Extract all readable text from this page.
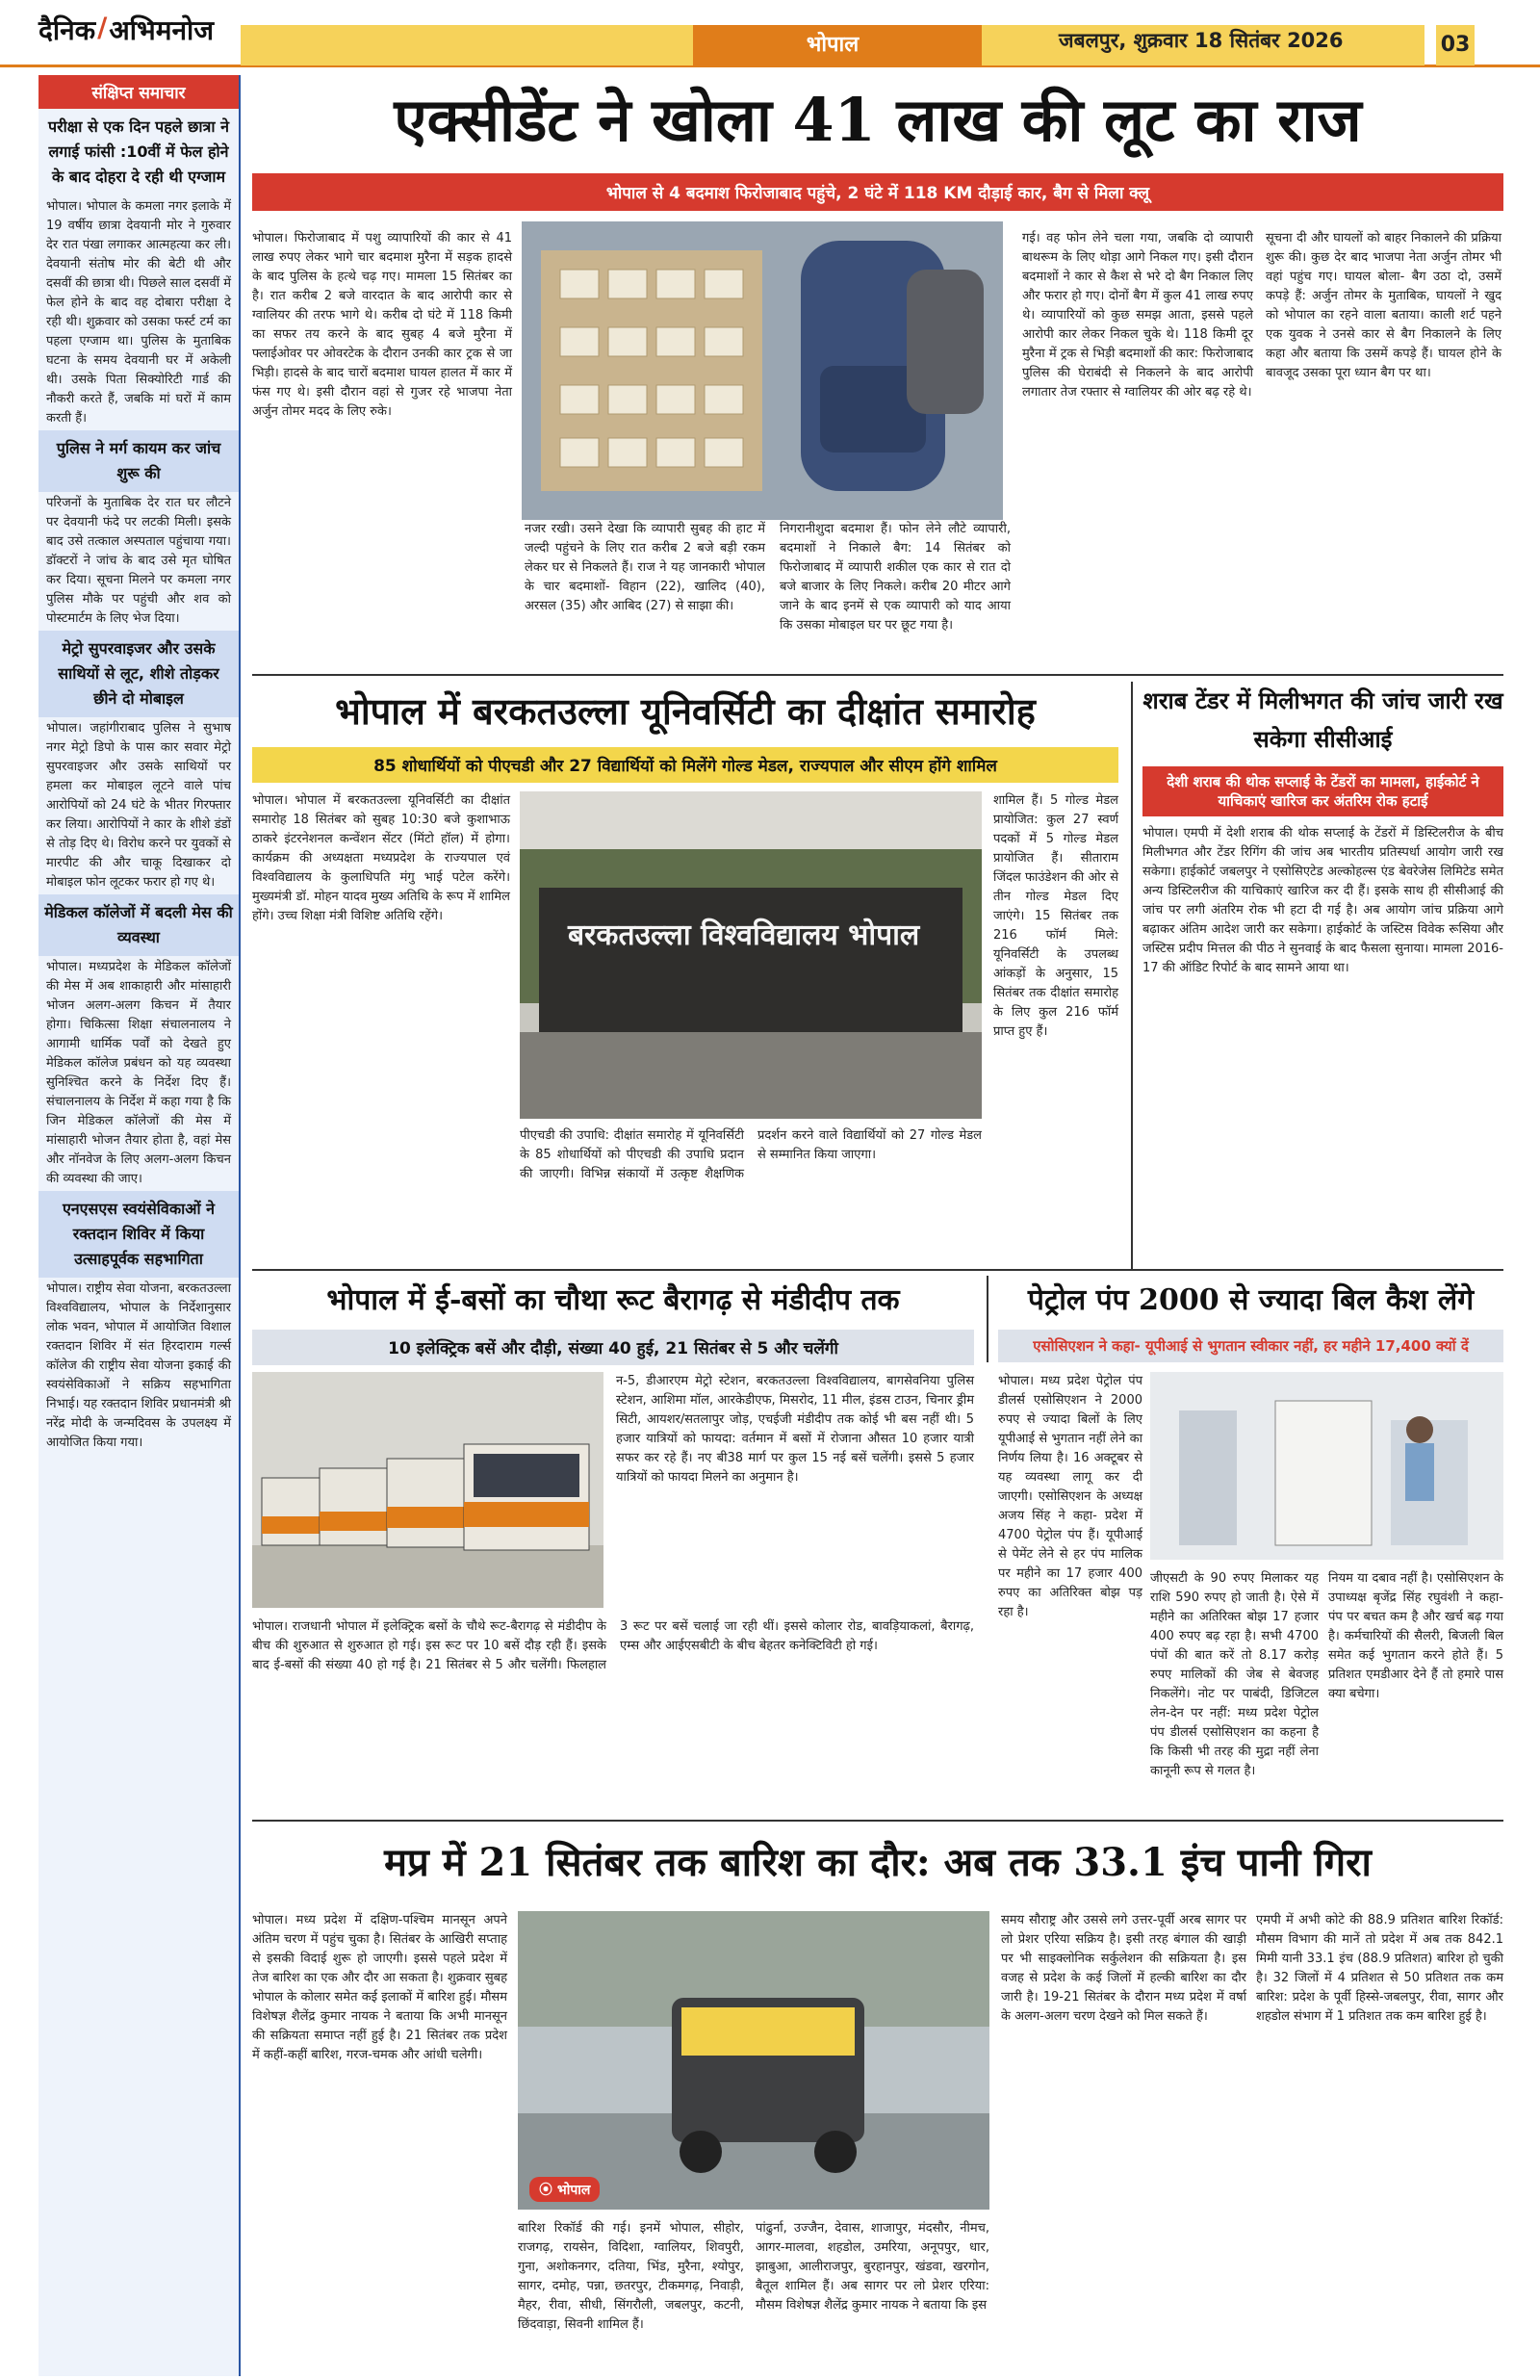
दैनिक / अभिमनोज	भोपाल	जबलपुर, शुक्रवार 18 सितंबर 2026	03
संक्षिप्त समाचार
परीक्षा से एक दिन पहले छात्रा ने लगाई फांसी :10वीं में फेल होने के बाद दोहरा दे रही थी एग्जाम
भोपाल। भोपाल के कमला नगर इलाके में 19 वर्षीय छात्रा देवयानी मोर ने गुरुवार देर रात पंखा लगाकर आत्महत्या कर ली। देवयानी संतोष मोर की बेटी थी और दसवीं की छात्रा थी। पिछले साल दसवीं में फेल होने के बाद वह दोबारा परीक्षा दे रही थी। शुक्रवार को उसका फर्स्ट टर्म का पहला एग्जाम था। पुलिस के मुताबिक घटना के समय देवयानी घर में अकेली थी। उसके पिता सिक्योरिटी गार्ड की नौकरी करते हैं, जबकि मां घरों में काम करती हैं।
पुलिस ने मर्ग कायम कर जांच शुरू की
परिजनों के मुताबिक देर रात घर लौटने पर देवयानी फंदे पर लटकी मिली। इसके बाद उसे तत्काल अस्पताल पहुंचाया गया। डॉक्टरों ने जांच के बाद उसे मृत घोषित कर दिया। सूचना मिलने पर कमला नगर पुलिस मौके पर पहुंची और शव को पोस्टमार्टम के लिए भेज दिया।
मेट्रो सुपरवाइजर और उसके साथियों से लूट, शीशे तोड़कर छीने दो मोबाइल
भोपाल। जहांगीराबाद पुलिस ने सुभाष नगर मेट्रो डिपो के पास कार सवार मेट्रो सुपरवाइजर और उसके साथियों पर हमला कर मोबाइल लूटने वाले पांच आरोपियों को 24 घंटे के भीतर गिरफ्तार कर लिया। आरोपियों ने कार के शीशे डंडों से तोड़ दिए थे। विरोध करने पर युवकों से मारपीट की और चाकू दिखाकर दो मोबाइल फोन लूटकर फरार हो गए थे।
मेडिकल कॉलेजों में बदली मेस की व्यवस्था
भोपाल। मध्यप्रदेश के मेडिकल कॉलेजों की मेस में अब शाकाहारी और मांसाहारी भोजन अलग-अलग किचन में तैयार होगा। चिकित्सा शिक्षा संचालनालय ने आगामी धार्मिक पर्वों को देखते हुए मेडिकल कॉलेज प्रबंधन को यह व्यवस्था सुनिश्चित करने के निर्देश दिए हैं। संचालनालय के निर्देश में कहा गया है कि जिन मेडिकल कॉलेजों की मेस में मांसाहारी भोजन तैयार होता है, वहां मेस और नॉनवेज के लिए अलग-अलग किचन की व्यवस्था की जाए।
एनएसएस स्वयंसेविकाओं ने रक्तदान शिविर में किया उत्साहपूर्वक सहभागिता
भोपाल। राष्ट्रीय सेवा योजना, बरकतउल्ला विश्वविद्यालय, भोपाल के निर्देशानुसार लोक भवन, भोपाल में आयोजित विशाल रक्तदान शिविर में संत हिरदाराम गर्ल्स कॉलेज की राष्ट्रीय सेवा योजना इकाई की स्वयंसेविकाओं ने सक्रिय सहभागिता निभाई। यह रक्तदान शिविर प्रधानमंत्री श्री नरेंद्र मोदी के जन्मदिवस के उपलक्ष्य में आयोजित किया गया।
एक्सीडेंट ने खोला 41 लाख की लूट का राज
भोपाल से 4 बदमाश फिरोजाबाद पहुंचे, 2 घंटे में 118 KM दौड़ाई कार, बैग से मिला क्लू
भोपाल। फिरोजाबाद में पशु व्यापारियों की कार से 41 लाख रुपए लेकर भागे चार बदमाश मुरैना में सड़क हादसे के बाद पुलिस के हत्थे चढ़ गए। मामला 15 सितंबर का है। रात करीब 2 बजे वारदात के बाद आरोपी कार से ग्वालियर की तरफ भागे थे। करीब दो घंटे में 118 किमी का सफर तय करने के बाद सुबह 4 बजे मुरैना में फ्लाईओवर पर ओवरटेक के दौरान उनकी कार ट्रक से जा भिड़ी। हादसे के बाद चारों बदमाश घायल हालत में कार में फंस गए थे। इसी दौरान वहां से गुजर रहे भाजपा नेता अर्जुन तोमर मदद के लिए रुके।
नजर रखी। उसने देखा कि व्यापारी सुबह की हाट में जल्दी पहुंचने के लिए रात करीब 2 बजे बड़ी रकम लेकर घर से निकलते हैं। राज ने यह जानकारी भोपाल के चार बदमाशों- विहान (22), खालिद (40), अरसल (35) और आबिद (27) से साझा की।
निगरानीशुदा बदमाश हैं। फोन लेने लौटे व्यापारी, बदमाशों ने निकाले बैग: 14 सितंबर को फिरोजाबाद में व्यापारी शकील एक कार से रात दो बजे बाजार के लिए निकले। करीब 20 मीटर आगे जाने के बाद इनमें से एक व्यापारी को याद आया कि उसका मोबाइल घर पर छूट गया है।
गई। वह फोन लेने चला गया, जबकि दो व्यापारी बाथरूम के लिए थोड़ा आगे निकल गए। इसी दौरान बदमाशों ने कार से कैश से भरे दो बैग निकाल लिए और फरार हो गए। दोनों बैग में कुल 41 लाख रुपए थे। व्यापारियों को कुछ समझ आता, इससे पहले आरोपी कार लेकर निकल चुके थे। 118 किमी दूर मुरैना में ट्रक से भिड़ी बदमाशों की कार: फिरोजाबाद पुलिस की घेराबंदी से निकलने के बाद आरोपी लगातार तेज रफ्तार से ग्वालियर की ओर बढ़ रहे थे।
सूचना दी और घायलों को बाहर निकालने की प्रक्रिया शुरू की। कुछ देर बाद भाजपा नेता अर्जुन तोमर भी वहां पहुंच गए। घायल बोला- बैग उठा दो, उसमें कपड़े हैं: अर्जुन तोमर के मुताबिक, घायलों ने खुद को भोपाल का रहने वाला बताया। काली शर्ट पहने एक युवक ने उनसे कार से बैग निकालने के लिए कहा और बताया कि उसमें कपड़े हैं। घायल होने के बावजूद उसका पूरा ध्यान बैग पर था।
भोपाल में बरकतउल्ला यूनिवर्सिटी का दीक्षांत समारोह
85 शोधार्थियों को पीएचडी और 27 विद्यार्थियों को मिलेंगे गोल्ड मेडल, राज्यपाल और सीएम होंगे शामिल
बरकतउल्ला विश्वविद्यालय भोपाल
भोपाल। भोपाल में बरकतउल्ला यूनिवर्सिटी का दीक्षांत समारोह 18 सितंबर को सुबह 10:30 बजे कुशाभाऊ ठाकरे इंटरनेशनल कन्वेंशन सेंटर (मिंटो हॉल) में होगा। कार्यक्रम की अध्यक्षता मध्यप्रदेश के राज्यपाल एवं विश्वविद्यालय के कुलाधिपति मंगु भाई पटेल करेंगे। मुख्यमंत्री डॉ. मोहन यादव मुख्य अतिथि के रूप में शामिल होंगे। उच्च शिक्षा मंत्री विशिष्ट अतिथि रहेंगे।
पीएचडी की उपाधि: दीक्षांत समारोह में यूनिवर्सिटी के 85 शोधार्थियों को पीएचडी की उपाधि प्रदान की जाएगी। विभिन्न संकायों में उत्कृष्ट शैक्षणिक प्रदर्शन करने वाले विद्यार्थियों को 27 गोल्ड मेडल से सम्मानित किया जाएगा।
शामिल हैं। 5 गोल्ड मेडल प्रायोजित: कुल 27 स्वर्ण पदकों में 5 गोल्ड मेडल प्रायोजित हैं। सीताराम जिंदल फाउंडेशन की ओर से तीन गोल्ड मेडल दिए जाएंगे। 15 सितंबर तक 216 फॉर्म मिले: यूनिवर्सिटी के उपलब्ध आंकड़ों के अनुसार, 15 सितंबर तक दीक्षांत समारोह के लिए कुल 216 फॉर्म प्राप्त हुए हैं।
शराब टेंडर में मिलीभगत की जांच जारी रख सकेगा सीसीआई
देशी शराब की थोक सप्लाई के टेंडरों का मामला, हाईकोर्ट ने याचिकाएं खारिज कर अंतरिम रोक हटाई
भोपाल। एमपी में देशी शराब की थोक सप्लाई के टेंडरों में डिस्टिलरीज के बीच मिलीभगत और टेंडर रिगिंग की जांच अब भारतीय प्रतिस्पर्धा आयोग जारी रख सकेगा। हाईकोर्ट जबलपुर ने एसोसिएटेड अल्कोहल्स एंड बेवरेजेस लिमिटेड समेत अन्य डिस्टिलरीज की याचिकाएं खारिज कर दी हैं। इसके साथ ही सीसीआई की जांच पर लगी अंतरिम रोक भी हटा दी गई है। अब आयोग जांच प्रक्रिया आगे बढ़ाकर अंतिम आदेश जारी कर सकेगा। हाईकोर्ट के जस्टिस विवेक रूसिया और जस्टिस प्रदीप मित्तल की पीठ ने सुनवाई के बाद फैसला सुनाया। मामला 2016-17 की ऑडिट रिपोर्ट के बाद सामने आया था।
भोपाल में ई-बसों का चौथा रूट बैरागढ़ से मंडीदीप तक
10 इलेक्ट्रिक बसें और दौड़ी, संख्या 40 हुई, 21 सितंबर से 5 और चलेंगी
न-5, डीआरएम मेट्रो स्टेशन, बरकतउल्ला विश्वविद्यालय, बागसेवनिया पुलिस स्टेशन, आशिमा मॉल, आरकेडीएफ, मिसरोद, 11 मील, इंडस टाउन, चिनार ड्रीम सिटी, आयशर/सतलापुर जोड़, एचईजी मंडीदीप तक कोई भी बस नहीं थी। 5 हजार यात्रियों को फायदा: वर्तमान में बसों में रोजाना औसत 10 हजार यात्री सफर कर रहे हैं। नए बी38 मार्ग पर कुल 15 नई बसें चलेंगी। इससे 5 हजार यात्रियों को फायदा मिलने का अनुमान है।
भोपाल। राजधानी भोपाल में इलेक्ट्रिक बसों के चौथे रूट-बैरागढ़ से मंडीदीप के बीच की शुरुआत से शुरुआत हो गई। इस रूट पर 10 बसें दौड़ रही हैं। इसके बाद ई-बसों की संख्या 40 हो गई है। 21 सितंबर से 5 और चलेंगी। फिलहाल 3 रूट पर बसें चलाई जा रही थीं। इससे कोलार रोड, बावड़ियाकलां, बैरागढ़, एम्स और आईएसबीटी के बीच बेहतर कनेक्टिविटी हो गई।
पेट्रोल पंप 2000 से ज्यादा बिल कैश लेंगे
एसोसिएशन ने कहा- यूपीआई से भुगतान स्वीकार नहीं, हर महीने 17,400 क्यों दें
भोपाल। मध्य प्रदेश पेट्रोल पंप डीलर्स एसोसिएशन ने 2000 रुपए से ज्यादा बिलों के लिए यूपीआई से भुगतान नहीं लेने का निर्णय लिया है। 16 अक्टूबर से यह व्यवस्था लागू कर दी जाएगी। एसोसिएशन के अध्यक्ष अजय सिंह ने कहा- प्रदेश में 4700 पेट्रोल पंप हैं। यूपीआई से पेमेंट लेने से हर पंप मालिक पर महीने का 17 हजार 400 रुपए का अतिरिक्त बोझ पड़ रहा है।
जीएसटी के 90 रुपए मिलाकर यह राशि 590 रुपए हो जाती है। ऐसे में महीने का अतिरिक्त बोझ 17 हजार 400 रुपए बढ़ रहा है। सभी 4700 पंपों की बात करें तो 8.17 करोड़ रुपए मालिकों की जेब से बेवजह निकलेंगे। नोट पर पाबंदी, डिजिटल लेन-देन पर नहीं: मध्य प्रदेश पेट्रोल पंप डीलर्स एसोसिएशन का कहना है कि किसी भी तरह की मुद्रा नहीं लेना कानूनी रूप से गलत है।
नियम या दबाव नहीं है। एसोसिएशन के उपाध्यक्ष बृजेंद्र सिंह रघुवंशी ने कहा- पंप पर बचत कम है और खर्च बढ़ गया है। कर्मचारियों की सैलरी, बिजली बिल समेत कई भुगतान करने होते हैं। 5 प्रतिशत एमडीआर देने हैं तो हमारे पास क्या बचेगा।
मप्र में 21 सितंबर तक बारिश का दौर: अब तक 33.1 इंच पानी गिरा
भोपाल। मध्य प्रदेश में दक्षिण-पश्चिम मानसून अपने अंतिम चरण में पहुंच चुका है। सितंबर के आखिरी सप्ताह से इसकी विदाई शुरू हो जाएगी। इससे पहले प्रदेश में तेज बारिश का एक और दौर आ सकता है। शुक्रवार सुबह भोपाल के कोलार समेत कई इलाकों में बारिश हुई। मौसम विशेषज्ञ शैलेंद्र कुमार नायक ने बताया कि अभी मानसून की सक्रियता समाप्त नहीं हुई है। 21 सितंबर तक प्रदेश में कहीं-कहीं बारिश, गरज-चमक और आंधी चलेगी।
⦿ भोपाल
बारिश रिकॉर्ड की गई। इनमें भोपाल, सीहोर, राजगढ़, रायसेन, विदिशा, ग्वालियर, शिवपुरी, गुना, अशोकनगर, दतिया, भिंड, मुरैना, श्योपुर, सागर, दमोह, पन्ना, छतरपुर, टीकमगढ़, निवाड़ी, मैहर, रीवा, सीधी, सिंगरौली, जबलपुर, कटनी, छिंदवाड़ा, सिवनी शामिल हैं।
पांढुर्ना, उज्जैन, देवास, शाजापुर, मंदसौर, नीमच, आगर-मालवा, शहडोल, उमरिया, अनूपपुर, धार, झाबुआ, आलीराजपुर, बुरहानपुर, खंडवा, खरगोन, बैतूल शामिल हैं। अब सागर पर लो प्रेशर एरिया: मौसम विशेषज्ञ शैलेंद्र कुमार नायक ने बताया कि इस
समय सौराष्ट्र और उससे लगे उत्तर-पूर्वी अरब सागर पर लो प्रेशर एरिया सक्रिय है। इसी तरह बंगाल की खाड़ी पर भी साइक्लोनिक सर्कुलेशन की सक्रियता है। इस वजह से प्रदेश के कई जिलों में हल्की बारिश का दौर जारी है। 19-21 सितंबर के दौरान मध्य प्रदेश में वर्षा के अलग-अलग चरण देखने को मिल सकते हैं।
एमपी में अभी कोटे की 88.9 प्रतिशत बारिश रिकॉर्ड: मौसम विभाग की मानें तो प्रदेश में अब तक 842.1 मिमी यानी 33.1 इंच (88.9 प्रतिशत) बारिश हो चुकी है। 32 जिलों में 4 प्रतिशत से 50 प्रतिशत तक कम बारिश: प्रदेश के पूर्वी हिस्से-जबलपुर, रीवा, सागर और शहडोल संभाग में 1 प्रतिशत तक कम बारिश हुई है।
